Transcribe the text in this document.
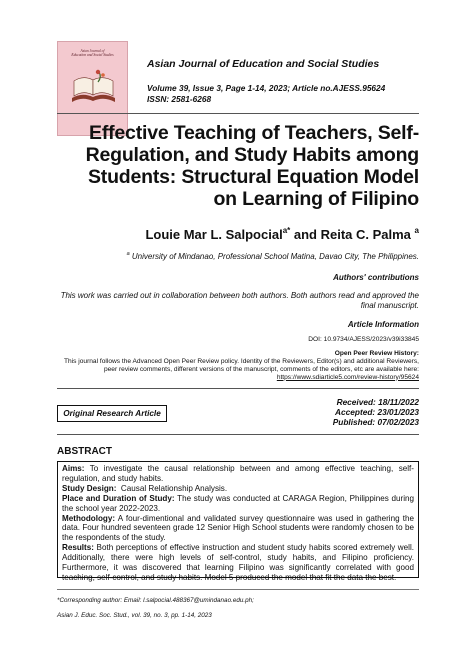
Asian Journal of
Education and Social Studies
Asian Journal of Education and Social Studies
Volume 39, Issue 3, Page 1-14, 2023; Article no.AJESS.95624
ISSN: 2581-6268
Effective Teaching of Teachers, Self-
Regulation, and Study Habits among
Students: Structural Equation Model
on Learning of Filipino
Louie Mar L. Salpocial$^{a*}$ and Reita C. Palma $^a$
$^a$ University of Mindanao, Professional School Matina, Davao City, The Philippines.
Authors' contributions
This work was carried out in collaboration between both authors. Both authors read and approved the
final manuscript.
Article Information
DOI: 10.9734/AJESS/2023/v39i33845
Open Peer Review History:
This journal follows the Advanced Open Peer Review policy. Identity of the Reviewers, Editor(s) and additional Reviewers,
peer review comments, different versions of the manuscript, comments of the editors, etc are available here:
https://www.sdiarticle5.com/review-history/95624
Original Research Article
Received: 18/11/2022
Accepted: 23/01/2023
Published: 07/02/2023
ABSTRACT

Aims: To investigate the causal relationship between and among effective teaching, self-regulation, and study habits.

Study Design:  Causal Relationship Analysis.

Place and Duration of Study: The study was conducted at CARAGA Region, Philippines during the school year 2022-2023.

Methodology: A four-dimentional and validated survey questionnaire was used in gathering the data. Four hundred seventeen grade 12 Senior High School students were randomly chosen to be the respondents of the study.

Results: Both perceptions of effective instruction and student study habits scored extremely well. Additionally, there were high levels of self-control, study habits, and Filipino proficiency. Furthermore, it was discovered that learning Filipino was significantly correlated with good teaching, self-control, and study habits. Model 5 produced the model that fit the data the best.

*Corresponding author: Email: l.salpocial.488367@umindanao.edu.ph;
Asian J. Educ. Soc. Stud., vol. 39, no. 3, pp. 1-14, 2023
